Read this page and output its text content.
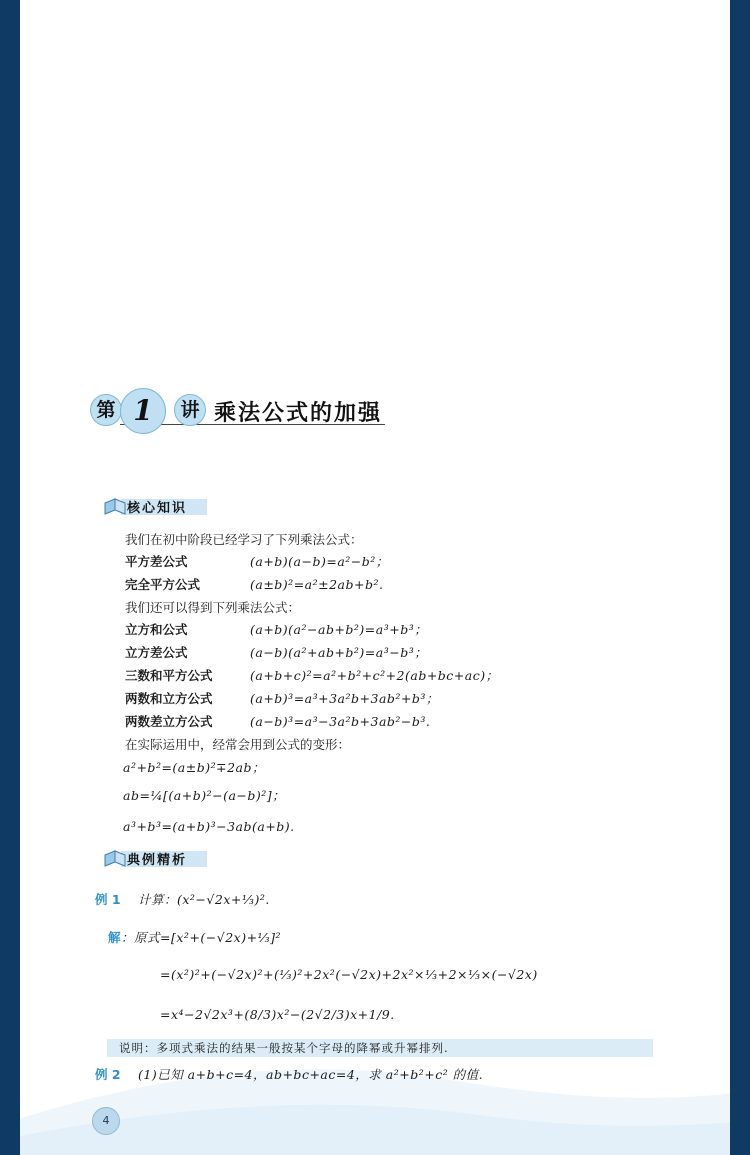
第 1	讲 乘法公式的加强
核心知识
我们在初中阶段已经学习了下列乘法公式：
平方差公式	(a+b)(a−b)=a²−b²；
完全平方公式	(a±b)²=a²±2ab+b².
我们还可以得到下列乘法公式：
立方和公式	(a+b)(a²−ab+b²)=a³+b³；
立方差公式	(a−b)(a²+ab+b²)=a³−b³；
三数和平方公式	(a+b+c)²=a²+b²+c²+2(ab+bc+ac)；
两数和立方公式	(a+b)³=a³+3a²b+3ab²+b³；
两数差立方公式	(a−b)³=a³−3a²b+3ab²−b³.
在实际运用中，经常会用到公式的变形：
a²+b²=(a±b)²∓2ab；
ab=¼[(a+b)²−(a−b)²]；
a³+b³=(a+b)³−3ab(a+b).
典例精析
例 1 计算：(x²−√2x+⅓)².
解 ：原式=[x²+(−√2x)+⅓]²
=(x²)²+(−√2x)²+(⅓)²+2x²(−√2x)+2x²×⅓+2×⅓×(−√2x)
=x⁴−2√2x³+(8/3)x²−(2√2/3)x+1/9.
说明：多项式乘法的结果一般按某个字母的降幂或升幂排列.
例 2 (1)已知 a+b+c=4，ab+bc+ac=4，求 a²+b²+c² 的值.
4
